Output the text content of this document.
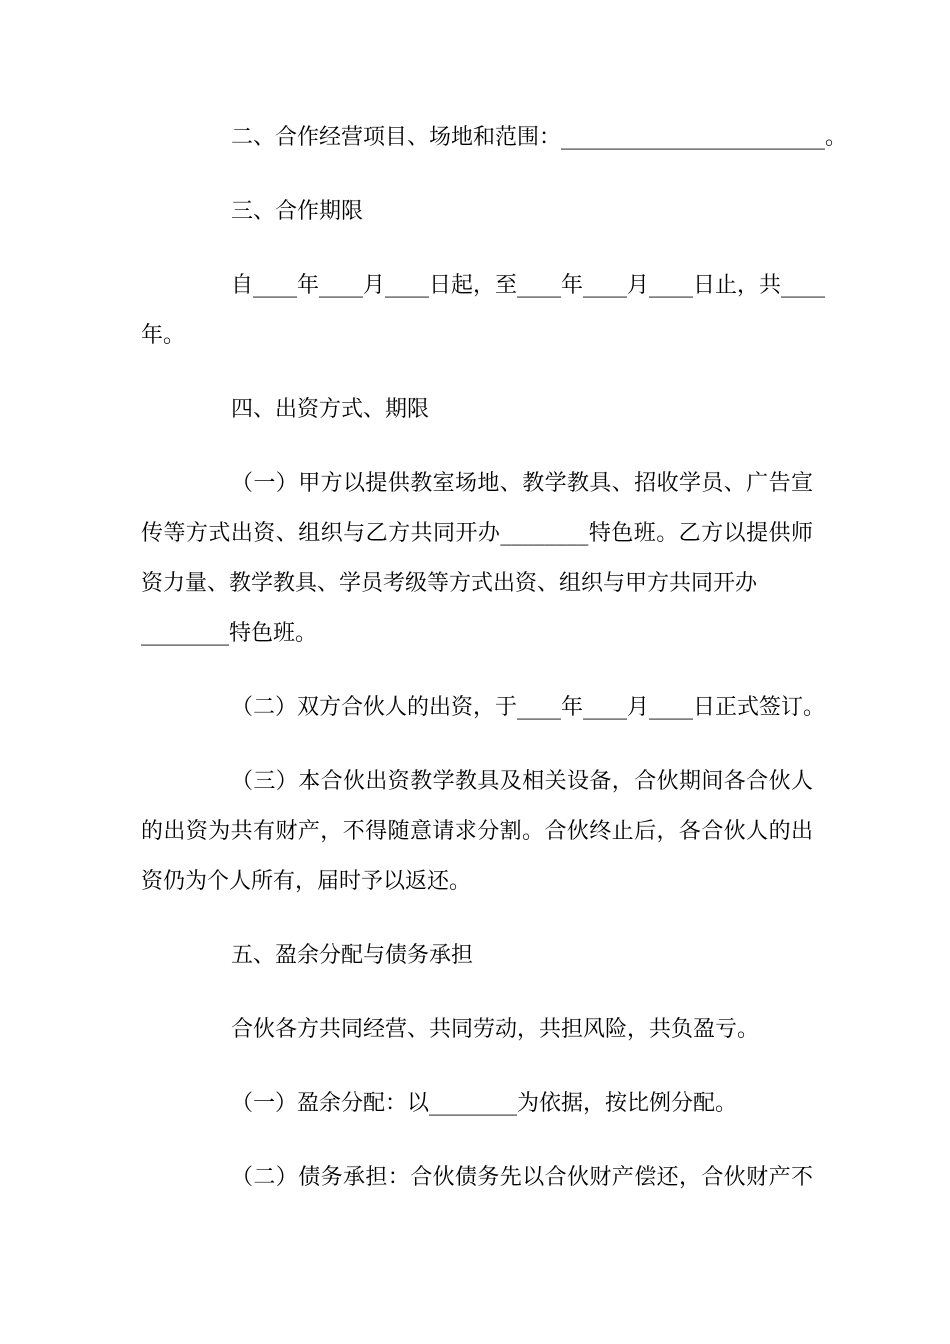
二、合作经营项目、场地和范围：________________________。
三、合作期限
自____年____月____日起，至____年____月____日止，共____
年。
四、出资方式、期限
（一）甲方以提供教室场地、教学教具、招收学员、广告宣
传等方式出资、组织与乙方共同开办________特色班。乙方以提供师
资力量、教学教具、学员考级等方式出资、组织与甲方共同开办
________特色班。
（二）双方合伙人的出资，于____年____月____日正式签订。
（三）本合伙出资教学教具及相关设备，合伙期间各合伙人
的出资为共有财产，不得随意请求分割。合伙终止后，各合伙人的出
资仍为个人所有，届时予以返还。
五、盈余分配与债务承担
合伙各方共同经营、共同劳动，共担风险，共负盈亏。
（一）盈余分配：以________为依据，按比例分配。
（二）债务承担：合伙债务先以合伙财产偿还，合伙财产不
